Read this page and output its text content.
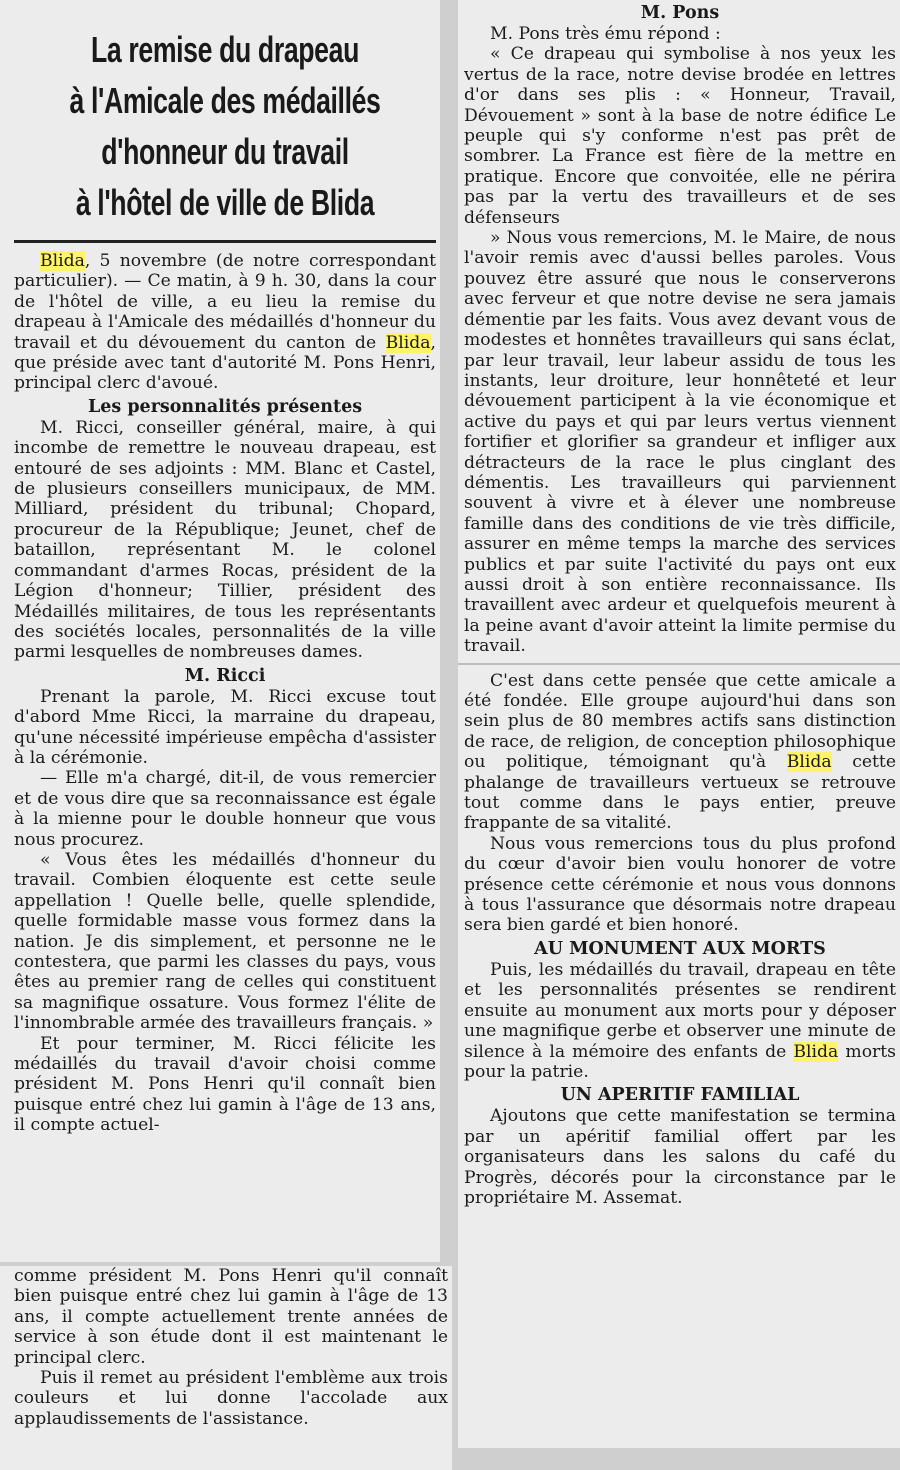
La remise du drapeau
à l'Amicale des médaillés
d'honneur du travail
à l'hôtel de ville de Blida

Blida, 5 novembre (de notre correspondant particulier). — Ce matin, à 9 h. 30, dans la cour de l'hôtel de ville, a eu lieu la remise du drapeau à l'Amicale des médaillés d'honneur du travail et du dévouement du canton de Blida, que préside avec tant d'autorité M. Pons Henri, principal clerc d'avoué.

Les personnalités présentes

M. Ricci, conseiller général, maire, à qui incombe de remettre le nouveau drapeau, est entouré de ses adjoints : MM. Blanc et Castel, de plusieurs conseillers municipaux, de MM. Milliard, président du tribunal; Chopard, procureur de la République; Jeunet, chef de bataillon, représentant M. le colonel commandant d'armes Rocas, président de la Légion d'honneur; Tillier, président des Médaillés militaires, de tous les représentants des sociétés locales, personnalités de la ville parmi lesquelles de nombreuses dames.

M. Ricci

Prenant la parole, M. Ricci excuse tout d'abord Mme Ricci, la marraine du drapeau, qu'une nécessité impérieuse empêcha d'assister à la cérémonie.

— Elle m'a chargé, dit-il, de vous remercier et de vous dire que sa reconnaissance est égale à la mienne pour le double honneur que vous nous procurez.

« Vous êtes les médaillés d'honneur du travail. Combien éloquente est cette seule appellation ! Quelle belle, quelle splendide, quelle formidable masse vous formez dans la nation. Je dis simplement, et personne ne le contestera, que parmi les classes du pays, vous êtes au premier rang de celles qui constituent sa magnifique ossature. Vous formez l'élite de l'innombrable armée des travailleurs français. »

Et pour terminer, M. Ricci félicite les médaillés du travail d'avoir choisi comme président M. Pons Henri qu'il connaît bien puisque entré chez lui gamin à l'âge de 13 ans, il compte actuel-

comme président M. Pons Henri qu'il connaît bien puisque entré chez lui gamin à l'âge de 13 ans, il compte actuellement trente années de service à son étude dont il est maintenant le principal clerc.

Puis il remet au président l'emblème aux trois couleurs et lui donne l'accolade aux applaudissements de l'assistance.

M. Pons

M. Pons très ému répond :

« Ce drapeau qui symbolise à nos yeux les vertus de la race, notre devise brodée en lettres d'or dans ses plis : « Honneur, Travail, Dévouement » sont à la base de notre édifice Le peuple qui s'y conforme n'est pas prêt de sombrer. La France est fière de la mettre en pratique. Encore que convoitée, elle ne périra pas par la vertu des travailleurs et de ses défenseurs

» Nous vous remercions, M. le Maire, de nous l'avoir remis avec d'aussi belles paroles. Vous pouvez être assuré que nous le conserverons avec ferveur et que notre devise ne sera jamais démentie par les faits. Vous avez devant vous de modestes et honnêtes travailleurs qui sans éclat, par leur travail, leur labeur assidu de tous les instants, leur droiture, leur honnêteté et leur dévouement participent à la vie économique et active du pays et qui par leurs vertus viennent fortifier et glorifier sa grandeur et infliger aux détracteurs de la race le plus cinglant des démentis. Les travailleurs qui parviennent souvent à vivre et à élever une nombreuse famille dans des conditions de vie très difficile, assurer en même temps la marche des services publics et par suite l'activité du pays ont eux aussi droit à son entière reconnaissance. Ils travaillent avec ardeur et quelquefois meurent à la peine avant d'avoir atteint la limite permise du travail.

C'est dans cette pensée que cette amicale a été fondée. Elle groupe aujourd'hui dans son sein plus de 80 membres actifs sans distinction de race, de religion, de conception philosophique ou politique, témoignant qu'à Blida cette phalange de travailleurs vertueux se retrouve tout comme dans le pays entier, preuve frappante de sa vitalité.

Nous vous remercions tous du plus profond du cœur d'avoir bien voulu honorer de votre présence cette cérémonie et nous vous donnons à tous l'assurance que désormais notre drapeau sera bien gardé et bien honoré.

AU MONUMENT AUX MORTS

Puis, les médaillés du travail, drapeau en tête et les personnalités présentes se rendirent ensuite au monument aux morts pour y déposer une magnifique gerbe et observer une minute de silence à la mémoire des enfants de Blida morts pour la patrie.

UN APERITIF FAMILIAL

Ajoutons que cette manifestation se termina par un apéritif familial offert par les organisateurs dans les salons du café du Progrès, décorés pour la circonstance par le propriétaire M. Assemat.
